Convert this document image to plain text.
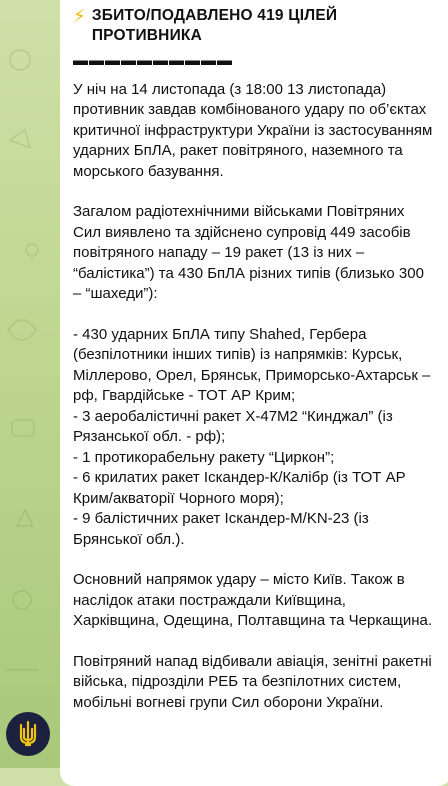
⚡ ЗБИТО/ПОДАВЛЕНО 419 ЦІЛЕЙ ПРОТИВНИКА
▬▬▬▬▬▬▬▬▬▬
У ніч на 14 листопада (з 18:00 13 листопада) противник завдав комбінованого удару по об’єктах критичної інфраструктури України із застосуванням ударних БпЛА, ракет повітряного, наземного та морського базування.
Загалом радіотехнічними військами Повітряних Сил виявлено та здійснено супровід 449 засобів повітряного нападу – 19 ракет (13 із них – “балістика”) та 430 БпЛА різних типів (близько 300 – “шахеди”):
- 430 ударних БпЛА типу Shahed, Гербера (безпілотники інших типів) із напрямків: Курськ, Міллерово, Орел, Брянськ, Приморсько-Ахтарськ – рф, Гвардійське - ТОТ АР Крим;
- 3 аеробалістичні ракет Х-47М2 “Кинджал” (із Рязанської обл. - рф);
- 1 протикорабельну ракету “Циркон”;
- 6 крилатих ракет Іскандер-К/Калібр (із ТОТ АР Крим/акваторії Чорного моря);
- 9 балістичних ракет Іскандер-М/KN-23 (із Брянської обл.).
Основний напрямок удару – місто Київ. Також в наслідок атаки постраждали Київщина, Харківщина, Одещина, Полтавщина та Черкащина.
Повітряний напад відбивали авіація, зенітні ракетні війська, підрозділи РЕБ та безпілотних систем, мобільні вогневі групи Сил оборони України.
